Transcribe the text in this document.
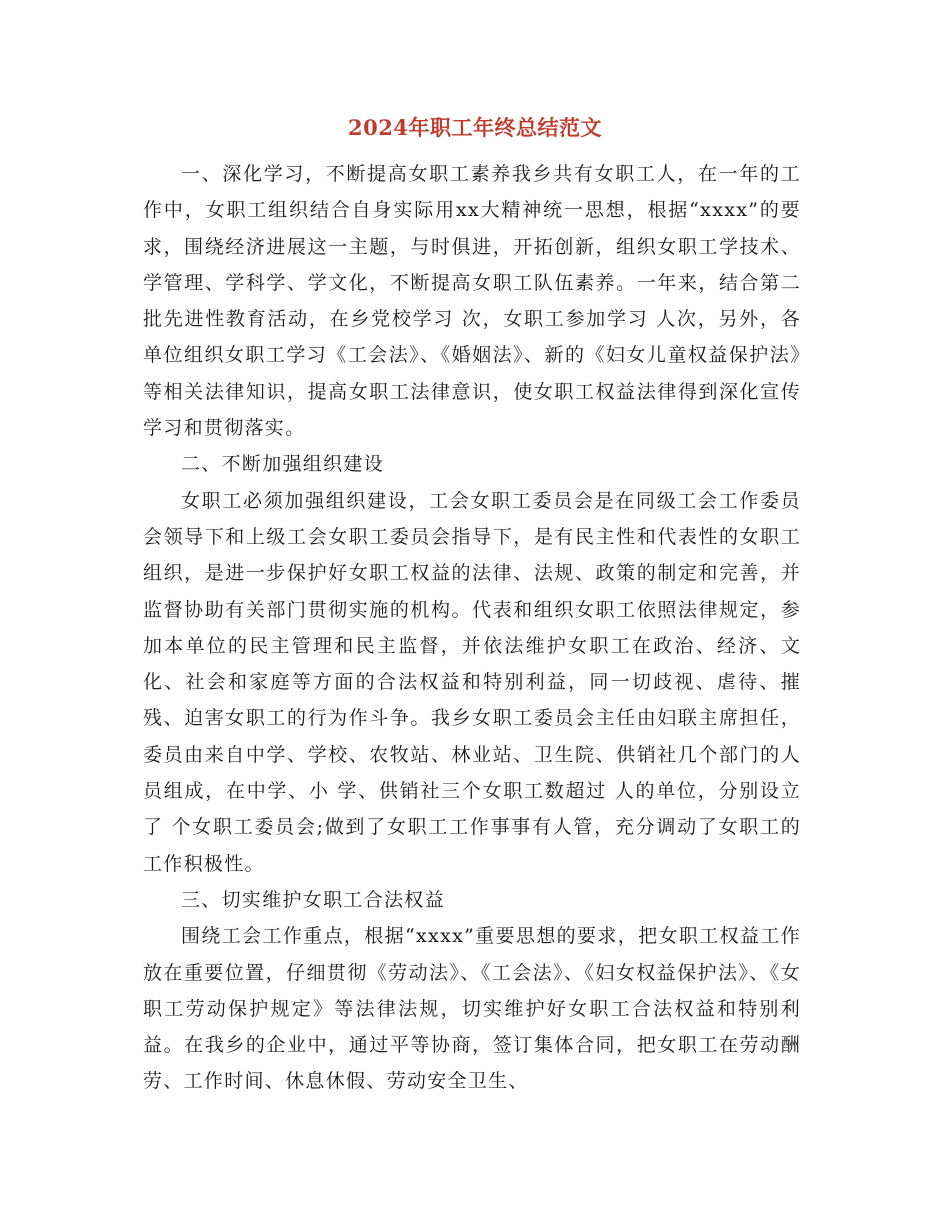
2024年职工年终总结范文

一、深化学习，不断提高女职工素养我乡共有女职工人，在一年的工作中，女职工组织结合自身实际用xx大精神统一思想，根据“xxxx”的要求，围绕经济进展这一主题，与时俱进，开拓创新，组织女职工学技术、学管理、学科学、学文化，不断提高女职工队伍素养。一年来，结合第二批先进性教育活动，在乡党校学习 次，女职工参加学习 人次，另外，各单位组织女职工学习《工会法》、《婚姻法》、新的《妇女儿童权益保护法》等相关法律知识，提高女职工法律意识，使女职工权益法律得到深化宣传学习和贯彻落实。

二、不断加强组织建设

女职工必须加强组织建设，工会女职工委员会是在同级工会工作委员会领导下和上级工会女职工委员会指导下，是有民主性和代表性的女职工组织，是进一步保护好女职工权益的法律、法规、政策的制定和完善，并监督协助有关部门贯彻实施的机构。代表和组织女职工依照法律规定，参加本单位的民主管理和民主监督，并依法维护女职工在政治、经济、文化、社会和家庭等方面的合法权益和特别利益，同一切歧视、虐待、摧残、迫害女职工的行为作斗争。我乡女职工委员会主任由妇联主席担任，委员由来自中学、学校、农牧站、林业站、卫生院、供销社几个部门的人员组成，在中学、小 学、供销社三个女职工数超过 人的单位，分别设立了 个女职工委员会;做到了女职工工作事事有人管，充分调动了女职工的工作积极性。

三、切实维护女职工合法权益

围绕工会工作重点，根据“xxxx”重要思想的要求，把女职工权益工作放在重要位置，仔细贯彻《劳动法》、《工会法》、《妇女权益保护法》、《女职工劳动保护规定》等法律法规，切实维护好女职工合法权益和特别利益。在我乡的企业中，通过平等协商，签订集体合同，把女职工在劳动酬劳、工作时间、休息休假、劳动安全卫生、
